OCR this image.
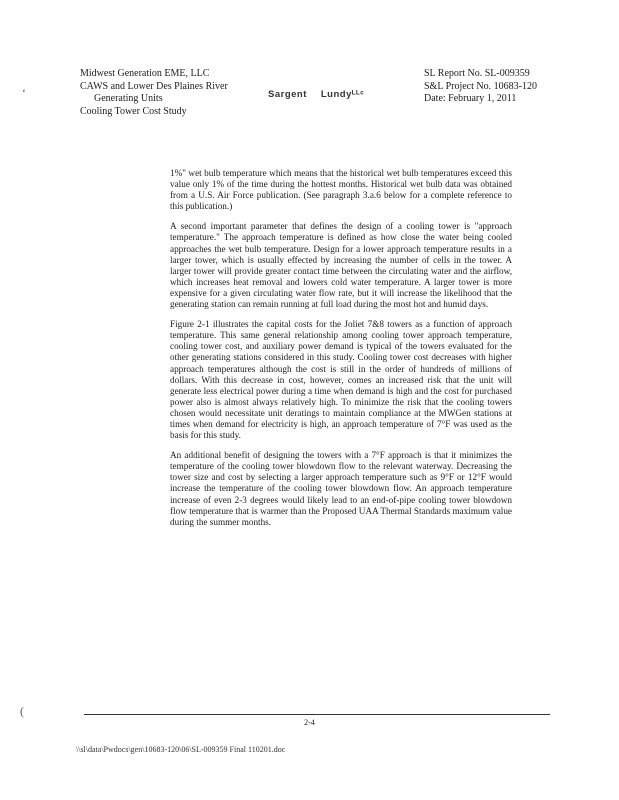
Midwest Generation EME, LLC
CAWS and Lower Des Plaines River
Generating Units
Cooling Tower Cost Study
Sargent Lundyᴸᴸᶜ
SL Report No. SL-009359
S&L Project No. 10683-120
Date: February 1, 2011
‘

1%" wet bulb temperature which means that the historical wet bulb temperatures exceed this value only 1% of the time during the hottest months. Historical wet bulb data was obtained from a U.S. Air Force publication. (See paragraph 3.a.6 below for a complete reference to this publication.)

A second important parameter that defines the design of a cooling tower is "approach temperature." The approach temperature is defined as how close the water being cooled approaches the wet bulb temperature. Design for a lower approach temperature results in a larger tower, which is usually effected by increasing the number of cells in the tower. A larger tower will provide greater contact time between the circulating water and the airflow, which increases heat removal and lowers cold water temperature. A larger tower is more expensive for a given circulating water flow rate, but it will increase the likelihood that the generating station can remain running at full load during the most hot and humid days.

Figure 2-1 illustrates the capital costs for the Joliet 7&8 towers as a function of approach temperature. This same general relationship among cooling tower approach temperature, cooling tower cost, and auxiliary power demand is typical of the towers evaluated for the other generating stations considered in this study. Cooling tower cost decreases with higher approach temperatures although the cost is still in the order of hundreds of millions of dollars. With this decrease in cost, however, comes an increased risk that the unit will generate less electrical power during a time when demand is high and the cost for purchased power also is almost always relatively high. To minimize the risk that the cooling towers chosen would necessitate unit deratings to maintain compliance at the MWGen stations at times when demand for electricity is high, an approach temperature of 7°F was used as the basis for this study.

An additional benefit of designing the towers with a 7°F approach is that it minimizes the temperature of the cooling tower blowdown flow to the relevant waterway. Decreasing the tower size and cost by selecting a larger approach temperature such as 9°F or 12°F would increase the temperature of the cooling tower blowdown flow. An approach temperature increase of even 2-3 degrees would likely lead to an end-of-pipe cooling tower blowdown flow temperature that is warmer than the Proposed UAA Thermal Standards maximum value during the summer months.

(
2-4
\\sl\data\Pwdocs\gen\10683-120\06\SL-009359 Final 110201.doc
